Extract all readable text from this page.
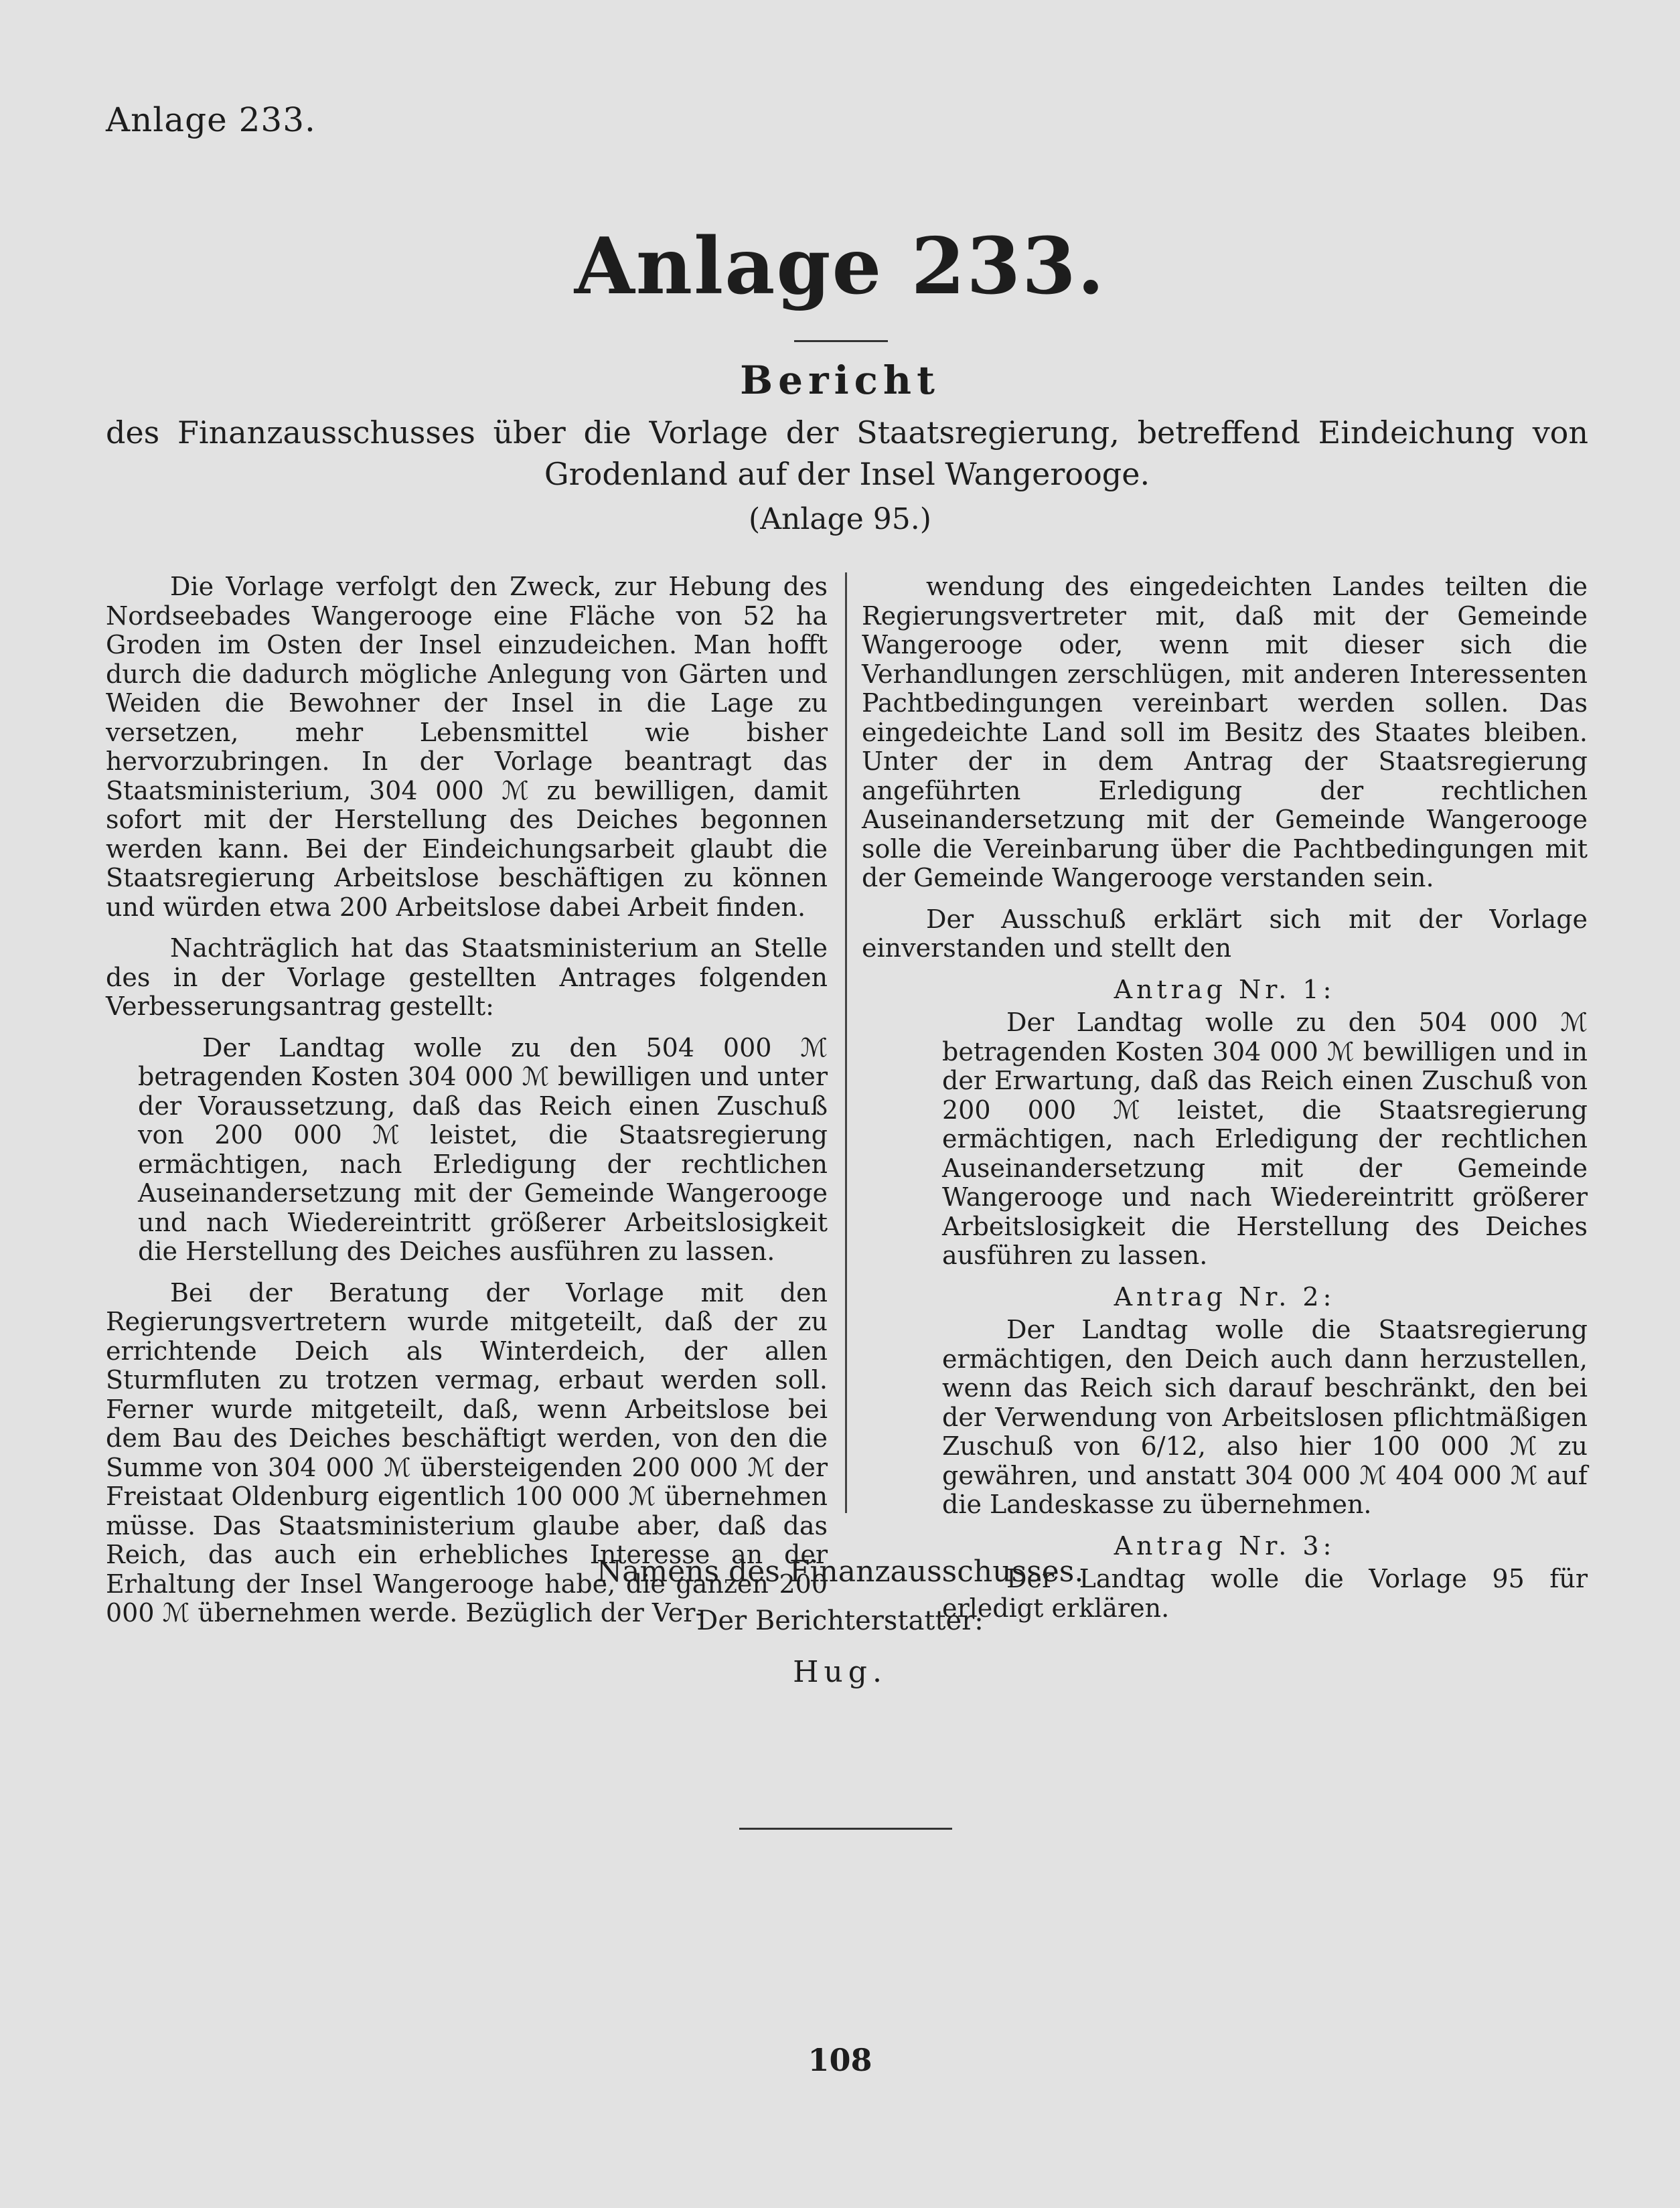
Anlage 233.
Anlage 233.
Bericht
des Finanzausschusses über die Vorlage der Staatsregierung, betreffend Eindeichung von Grodenland auf der Insel Wangerooge.
(Anlage 95.)

Die Vorlage verfolgt den Zweck, zur Hebung des Nordseebades Wangerooge eine Fläche von 52 ha Groden im Osten der Insel einzudeichen. Man hofft durch die dadurch mögliche Anlegung von Gärten und Weiden die Bewohner der Insel in die Lage zu versetzen, mehr Lebensmittel wie bisher hervorzubringen. In der Vorlage beantragt das Staatsministerium, 304 000 ℳ zu bewilligen, damit sofort mit der Herstellung des Deiches begonnen werden kann. Bei der Eindeichungsarbeit glaubt die Staatsregierung Arbeitslose beschäftigen zu können und würden etwa 200 Arbeitslose dabei Arbeit finden.

Nachträglich hat das Staatsministerium an Stelle des in der Vorlage gestellten Antrages folgenden Verbesserungsantrag gestellt:

Der Landtag wolle zu den 504 000 ℳ betragenden Kosten 304 000 ℳ bewilligen und unter der Voraussetzung, daß das Reich einen Zuschuß von 200 000 ℳ leistet, die Staatsregierung ermächtigen, nach Erledigung der rechtlichen Auseinandersetzung mit der Gemeinde Wangerooge und nach Wiedereintritt größerer Arbeitslosigkeit die Herstellung des Deiches ausführen zu lassen.

Bei der Beratung der Vorlage mit den Regierungsvertretern wurde mitgeteilt, daß der zu errichtende Deich als Winterdeich, der allen Sturmfluten zu trotzen vermag, erbaut werden soll. Ferner wurde mitgeteilt, daß, wenn Arbeitslose bei dem Bau des Deiches beschäftigt werden, von den die Summe von 304 000 ℳ übersteigenden 200 000 ℳ der Freistaat Oldenburg eigentlich 100 000 ℳ übernehmen müsse. Das Staatsministerium glaube aber, daß das Reich, das auch ein erhebliches Interesse an der Erhaltung der Insel Wangerooge habe, die ganzen 200 000 ℳ übernehmen werde. Bezüglich der Ver-

wendung des eingedeichten Landes teilten die Regierungsvertreter mit, daß mit der Gemeinde Wangerooge oder, wenn mit dieser sich die Verhandlungen zerschlügen, mit anderen Interessenten Pachtbedingungen vereinbart werden sollen. Das eingedeichte Land soll im Besitz des Staates bleiben. Unter der in dem Antrag der Staatsregierung angeführten Erledigung der rechtlichen Auseinandersetzung mit der Gemeinde Wangerooge solle die Vereinbarung über die Pachtbedingungen mit der Gemeinde Wangerooge verstanden sein.

Der Ausschuß erklärt sich mit der Vorlage einverstanden und stellt den

Antrag Nr. 1:

Der Landtag wolle zu den 504 000 ℳ betragenden Kosten 304 000 ℳ bewilligen und in der Erwartung, daß das Reich einen Zuschuß von 200 000 ℳ leistet, die Staatsregierung ermächtigen, nach Erledigung der rechtlichen Auseinandersetzung mit der Gemeinde Wangerooge und nach Wiedereintritt größerer Arbeitslosigkeit die Herstellung des Deiches ausführen zu lassen.

Antrag Nr. 2:

Der Landtag wolle die Staatsregierung ermächtigen, den Deich auch dann herzustellen, wenn das Reich sich darauf beschränkt, den bei der Verwendung von Arbeitslosen pflichtmäßigen Zuschuß von 6/12, also hier 100 000 ℳ zu gewähren, und anstatt 304 000 ℳ 404 000 ℳ auf die Landeskasse zu übernehmen.

Antrag Nr. 3:

Der Landtag wolle die Vorlage 95 für erledigt erklären.

Namens des Finanzausschusses.
Der Berichterstatter:
Hug.
108
